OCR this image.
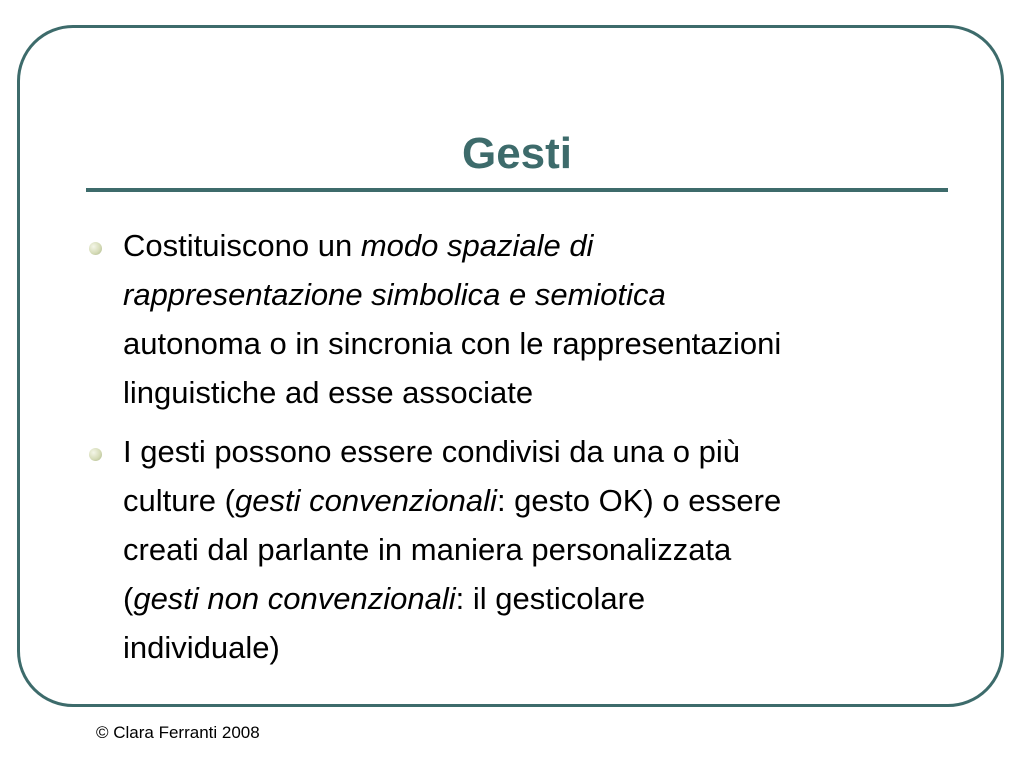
Gesti
Costituiscono un modo spaziale di
rappresentazione simbolica e semiotica
autonoma o in sincronia con le rappresentazioni
linguistiche ad esse associate
I gesti possono essere condivisi da una o più
culture (gesti convenzionali: gesto OK) o essere
creati dal parlante in maniera personalizzata
(gesti non convenzionali: il gesticolare
individuale)
© Clara Ferranti 2008
